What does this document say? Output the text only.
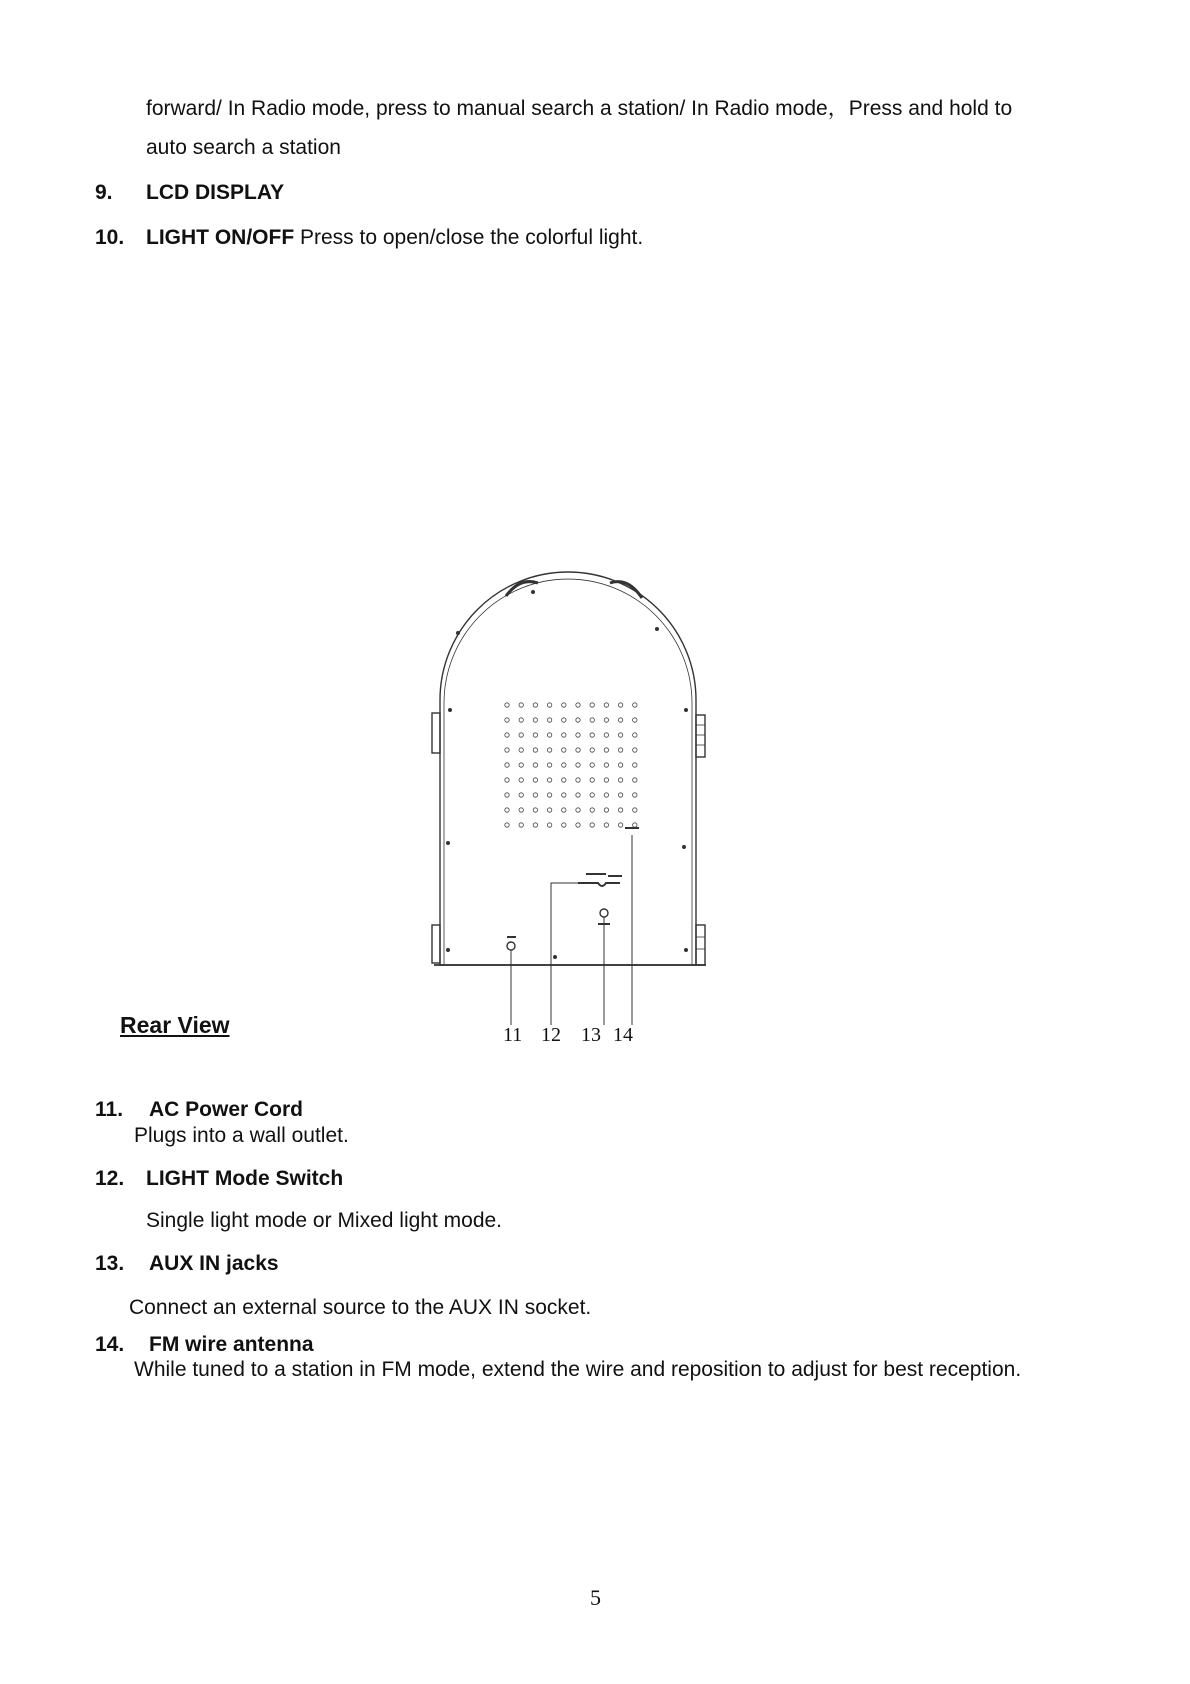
forward/ In Radio mode, press to manual search a station/ In Radio mode，Press and hold to
auto search a station
9. LCD DISPLAY
10. LIGHT ON/OFF Press to open/close the colorful light.
11 12 13 14
Rear View
11. AC Power Cord
Plugs into a wall outlet.
12. LIGHT Mode Switch
Single light mode or Mixed light mode.
13. AUX IN jacks
Connect an external source to the AUX IN socket.
14. FM wire antenna
While tuned to a station in FM mode, extend the wire and reposition to adjust for best reception.
5
